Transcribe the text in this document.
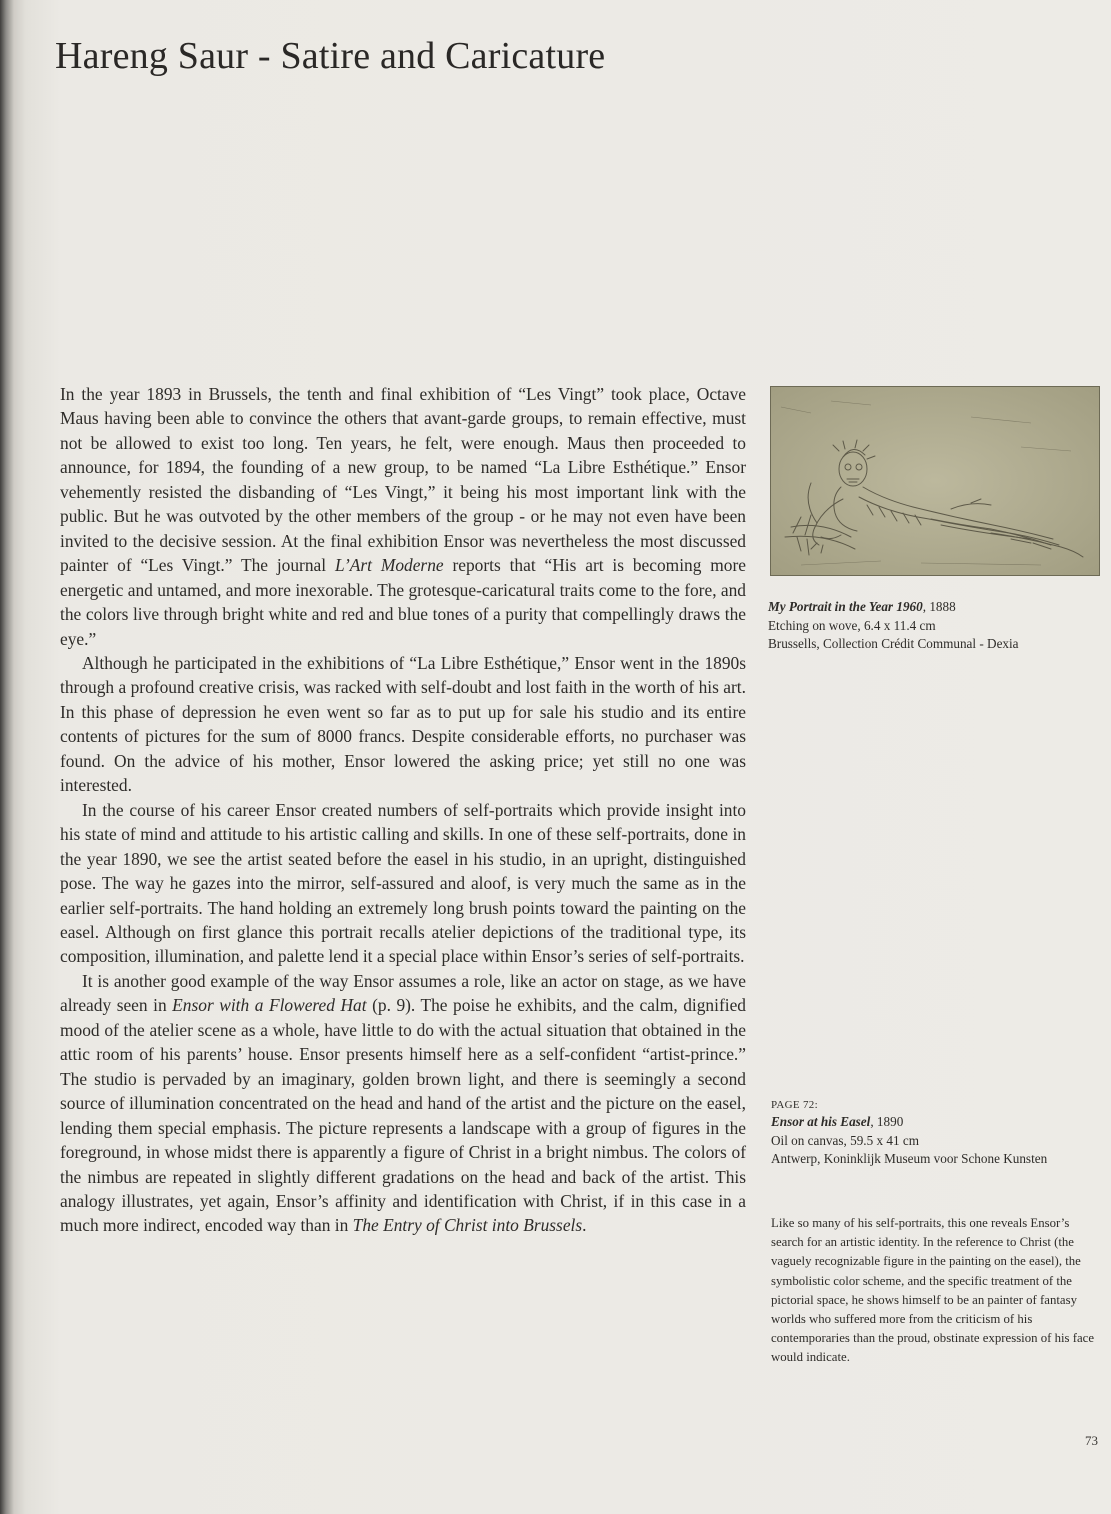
Hareng Saur - Satire and Caricature

In the year 1893 in Brussels, the tenth and final exhibition of “Les Vingt” took place, Octave Maus having been able to convince the others that avant-garde groups, to remain effective, must not be allowed to exist too long. Ten years, he felt, were enough. Maus then proceeded to announce, for 1894, the founding of a new group, to be named “La Libre Esthétique.” Ensor vehemently resisted the disbanding of “Les Vingt,” it being his most important link with the public. But he was outvoted by the other members of the group - or he may not even have been invited to the decisive session. At the final exhibition Ensor was nevertheless the most discussed painter of “Les Vingt.” The journal L’Art Moderne reports that “His art is becoming more energetic and untamed, and more inexorable. The grotesque-caricatural traits come to the fore, and the colors live through bright white and red and blue tones of a purity that compellingly draws the eye.”

Although he participated in the exhibitions of “La Libre Esthétique,” Ensor went in the 1890s through a profound creative crisis, was racked with self-doubt and lost faith in the worth of his art. In this phase of depression he even went so far as to put up for sale his studio and its entire contents of pictures for the sum of 8000 francs. Despite considerable efforts, no purchaser was found. On the advice of his mother, Ensor lowered the asking price; yet still no one was interested.

In the course of his career Ensor created numbers of self-portraits which provide insight into his state of mind and attitude to his artistic calling and skills. In one of these self-portraits, done in the year 1890, we see the artist seated before the easel in his studio, in an upright, distinguished pose. The way he gazes into the mirror, self-assured and aloof, is very much the same as in the earlier self-portraits. The hand holding an extremely long brush points toward the painting on the easel. Although on first glance this portrait recalls atelier depictions of the traditional type, its composition, illumination, and palette lend it a special place within Ensor’s series of self-portraits.

It is another good example of the way Ensor assumes a role, like an actor on stage, as we have already seen in Ensor with a Flowered Hat (p. 9). The poise he exhibits, and the calm, dignified mood of the atelier scene as a whole, have little to do with the actual situation that obtained in the attic room of his parents’ house. Ensor presents himself here as a self-confident “artist-prince.” The studio is pervaded by an imaginary, golden brown light, and there is seemingly a second source of illumination concentrated on the head and hand of the artist and the picture on the easel, lending them special emphasis. The picture represents a landscape with a group of figures in the foreground, in whose midst there is apparently a figure of Christ in a bright nimbus. The colors of the nimbus are repeated in slightly different gradations on the head and back of the artist. This analogy illustrates, yet again, Ensor’s affinity and identification with Christ, if in this case in a much more indirect, encoded way than in The Entry of Christ into Brussels.

My Portrait in the Year 1960, 1888
Etching on wove, 6.4 x 11.4 cm
Brussells, Collection Crédit Communal - Dexia
PAGE 72:
Ensor at his Easel, 1890
Oil on canvas, 59.5 x 41 cm
Antwerp, Koninklijk Museum voor Schone Kunsten
Like so many of his self-portraits, this one reveals Ensor’s search for an artistic identity. In the reference to Christ (the vaguely recognizable figure in the painting on the easel), the symbolistic color scheme, and the specific treatment of the pictorial space, he shows himself to be an painter of fantasy worlds who suffered more from the criticism of his contemporaries than the proud, obstinate expression of his face would indicate.
73
